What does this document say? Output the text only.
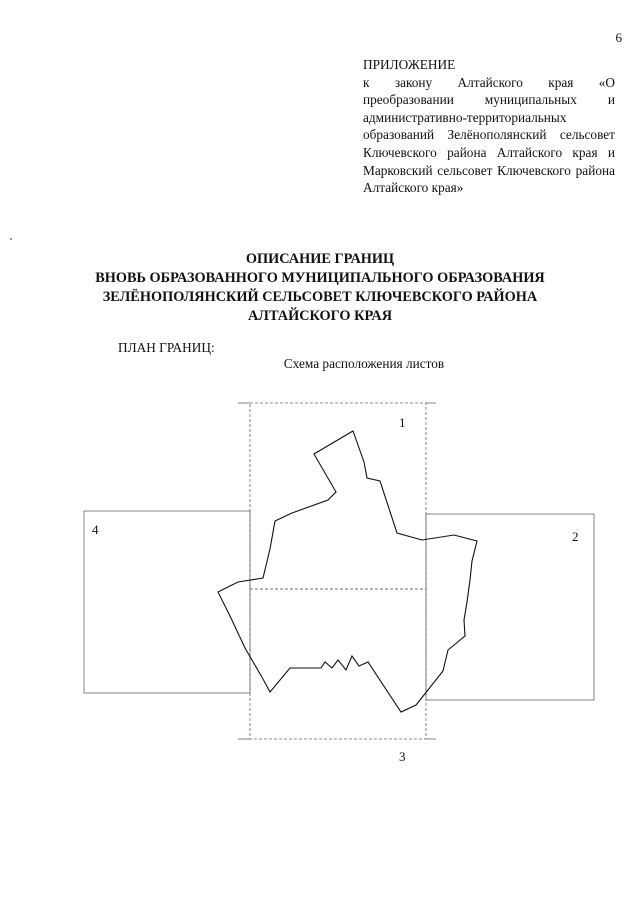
6
ПРИЛОЖЕНИЕ
к закону Алтайского края «О преобразовании муниципальных и административно-территориальных образований Зелёнополянский сельсовет Ключевского района Алтайского края и Марковский сельсовет Ключевского района Алтайского края»
ОПИСАНИЕ ГРАНИЦ
ВНОВЬ ОБРАЗОВАННОГО МУНИЦИПАЛЬНОГО ОБРАЗОВАНИЯ
ЗЕЛЁНОПОЛЯНСКИЙ СЕЛЬСОВЕТ КЛЮЧЕВСКОГО РАЙОНА
АЛТАЙСКОГО КРАЯ
ПЛАН ГРАНИЦ:
Схема расположения листов
1
2
3
4
